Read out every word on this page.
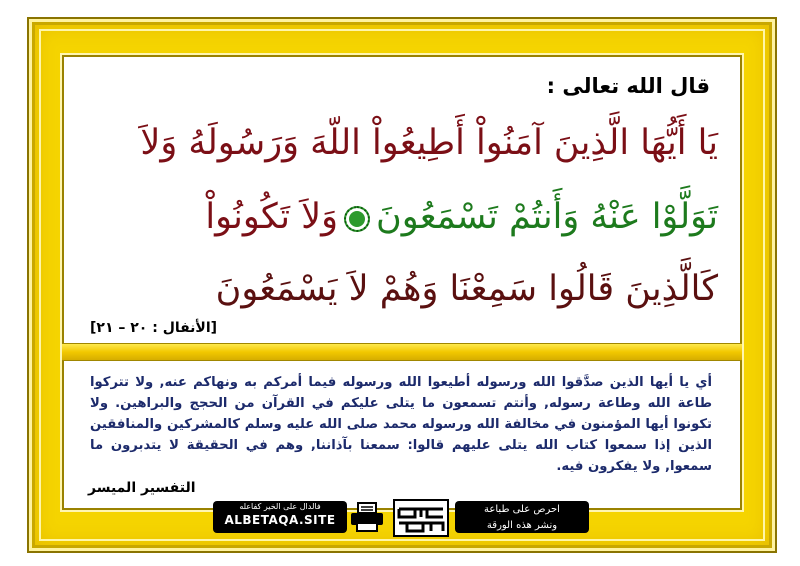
قال الله تعالى :
يَا أَيُّهَا الَّذِينَ آمَنُواْ أَطِيعُواْ اللّهَ وَرَسُولَهُ وَلاَ
تَوَلَّوْا عَنْهُ وَأَنتُمْ تَسْمَعُونَوَلاَ تَكُونُواْ
كَالَّذِينَ قَالُوا سَمِعْنَا وَهُمْ لاَ يَسْمَعُونَ
[الأنفال : ٢٠ – ٢١]
أي يا أيها الذين صدَّقوا الله ورسوله أطيعوا الله ورسوله فيما أمركم به ونهاكم عنه, ولا تتركوا طاعة الله وطاعة رسوله, وأنتم تسمعون ما يتلى عليكم في القرآن من الحجج والبراهين. ولا تكونوا أيها المؤمنون في مخالفة الله ورسوله محمد صلى الله عليه وسلم كالمشركين والمنافقين الذين إذا سمعوا كتاب الله يتلى عليهم قالوا: سمعنا بآذاننا, وهم في الحقيقة لا يتدبرون ما سمعوا, ولا يفكرون فيه.
التفسير الميسر
فالدال على الخير كفاعله
ALBETAQA.SITE
احرص على طباعة
ونشر هذه الورقة
